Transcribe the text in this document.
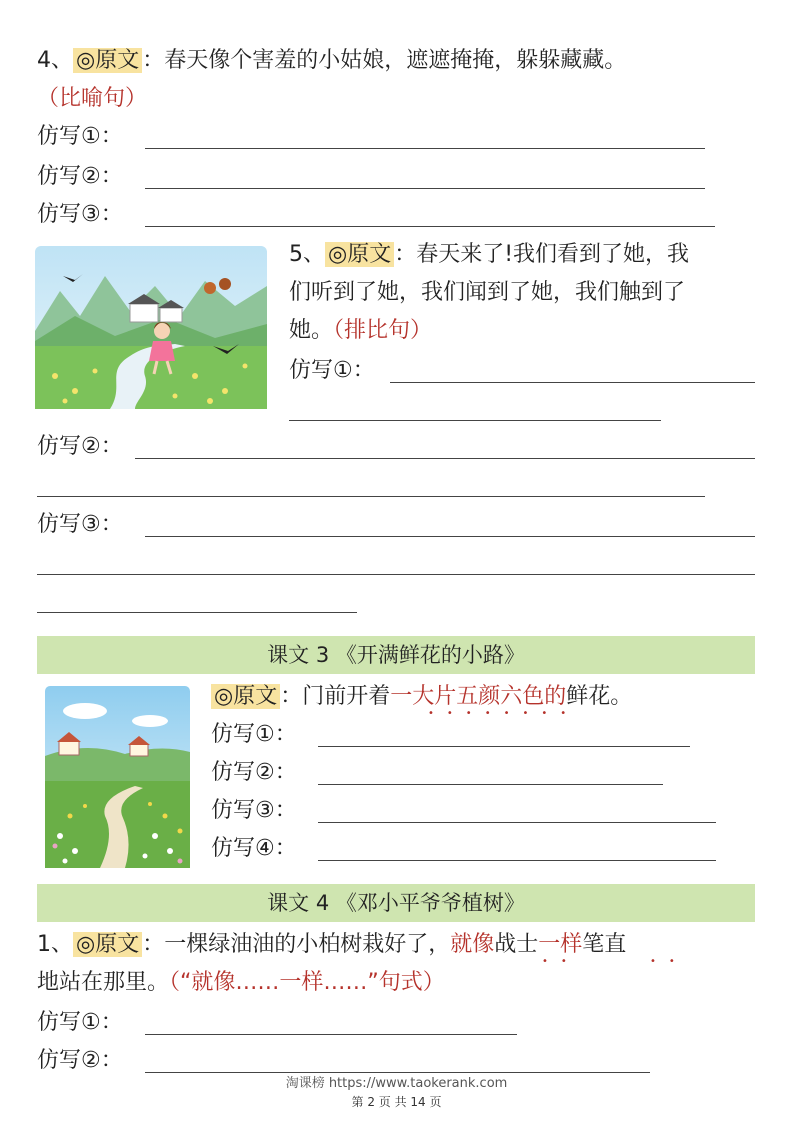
4、 ◎原文 ：春天像个害羞的小姑娘，遮遮掩掩，躲躲藏藏。
（比喻句）
仿写①：
仿写②：
仿写③：
5、 ◎原文 ：春天来了!我们看到了她，我
们听到了她，我们闻到了她，我们触到了
她。（排比句）
仿写①：
仿写②：
仿写③：
课文 3 《开满鲜花的小路》
◎原文 ：门前开着一大片五颜六色的鲜花。
••••••••
仿写①：
仿写②：
仿写③：
仿写④：
课文 4 《邓小平爷爷植树》
1、 ◎原文 ：一棵绿油油的小柏树栽好了，就像战士一样笔直
••	••
地站在那里。（“就像……一样……”句式）
仿写①：
仿写②：
淘课榜 https://www.taokerank.com
第 2 页 共 14 页
